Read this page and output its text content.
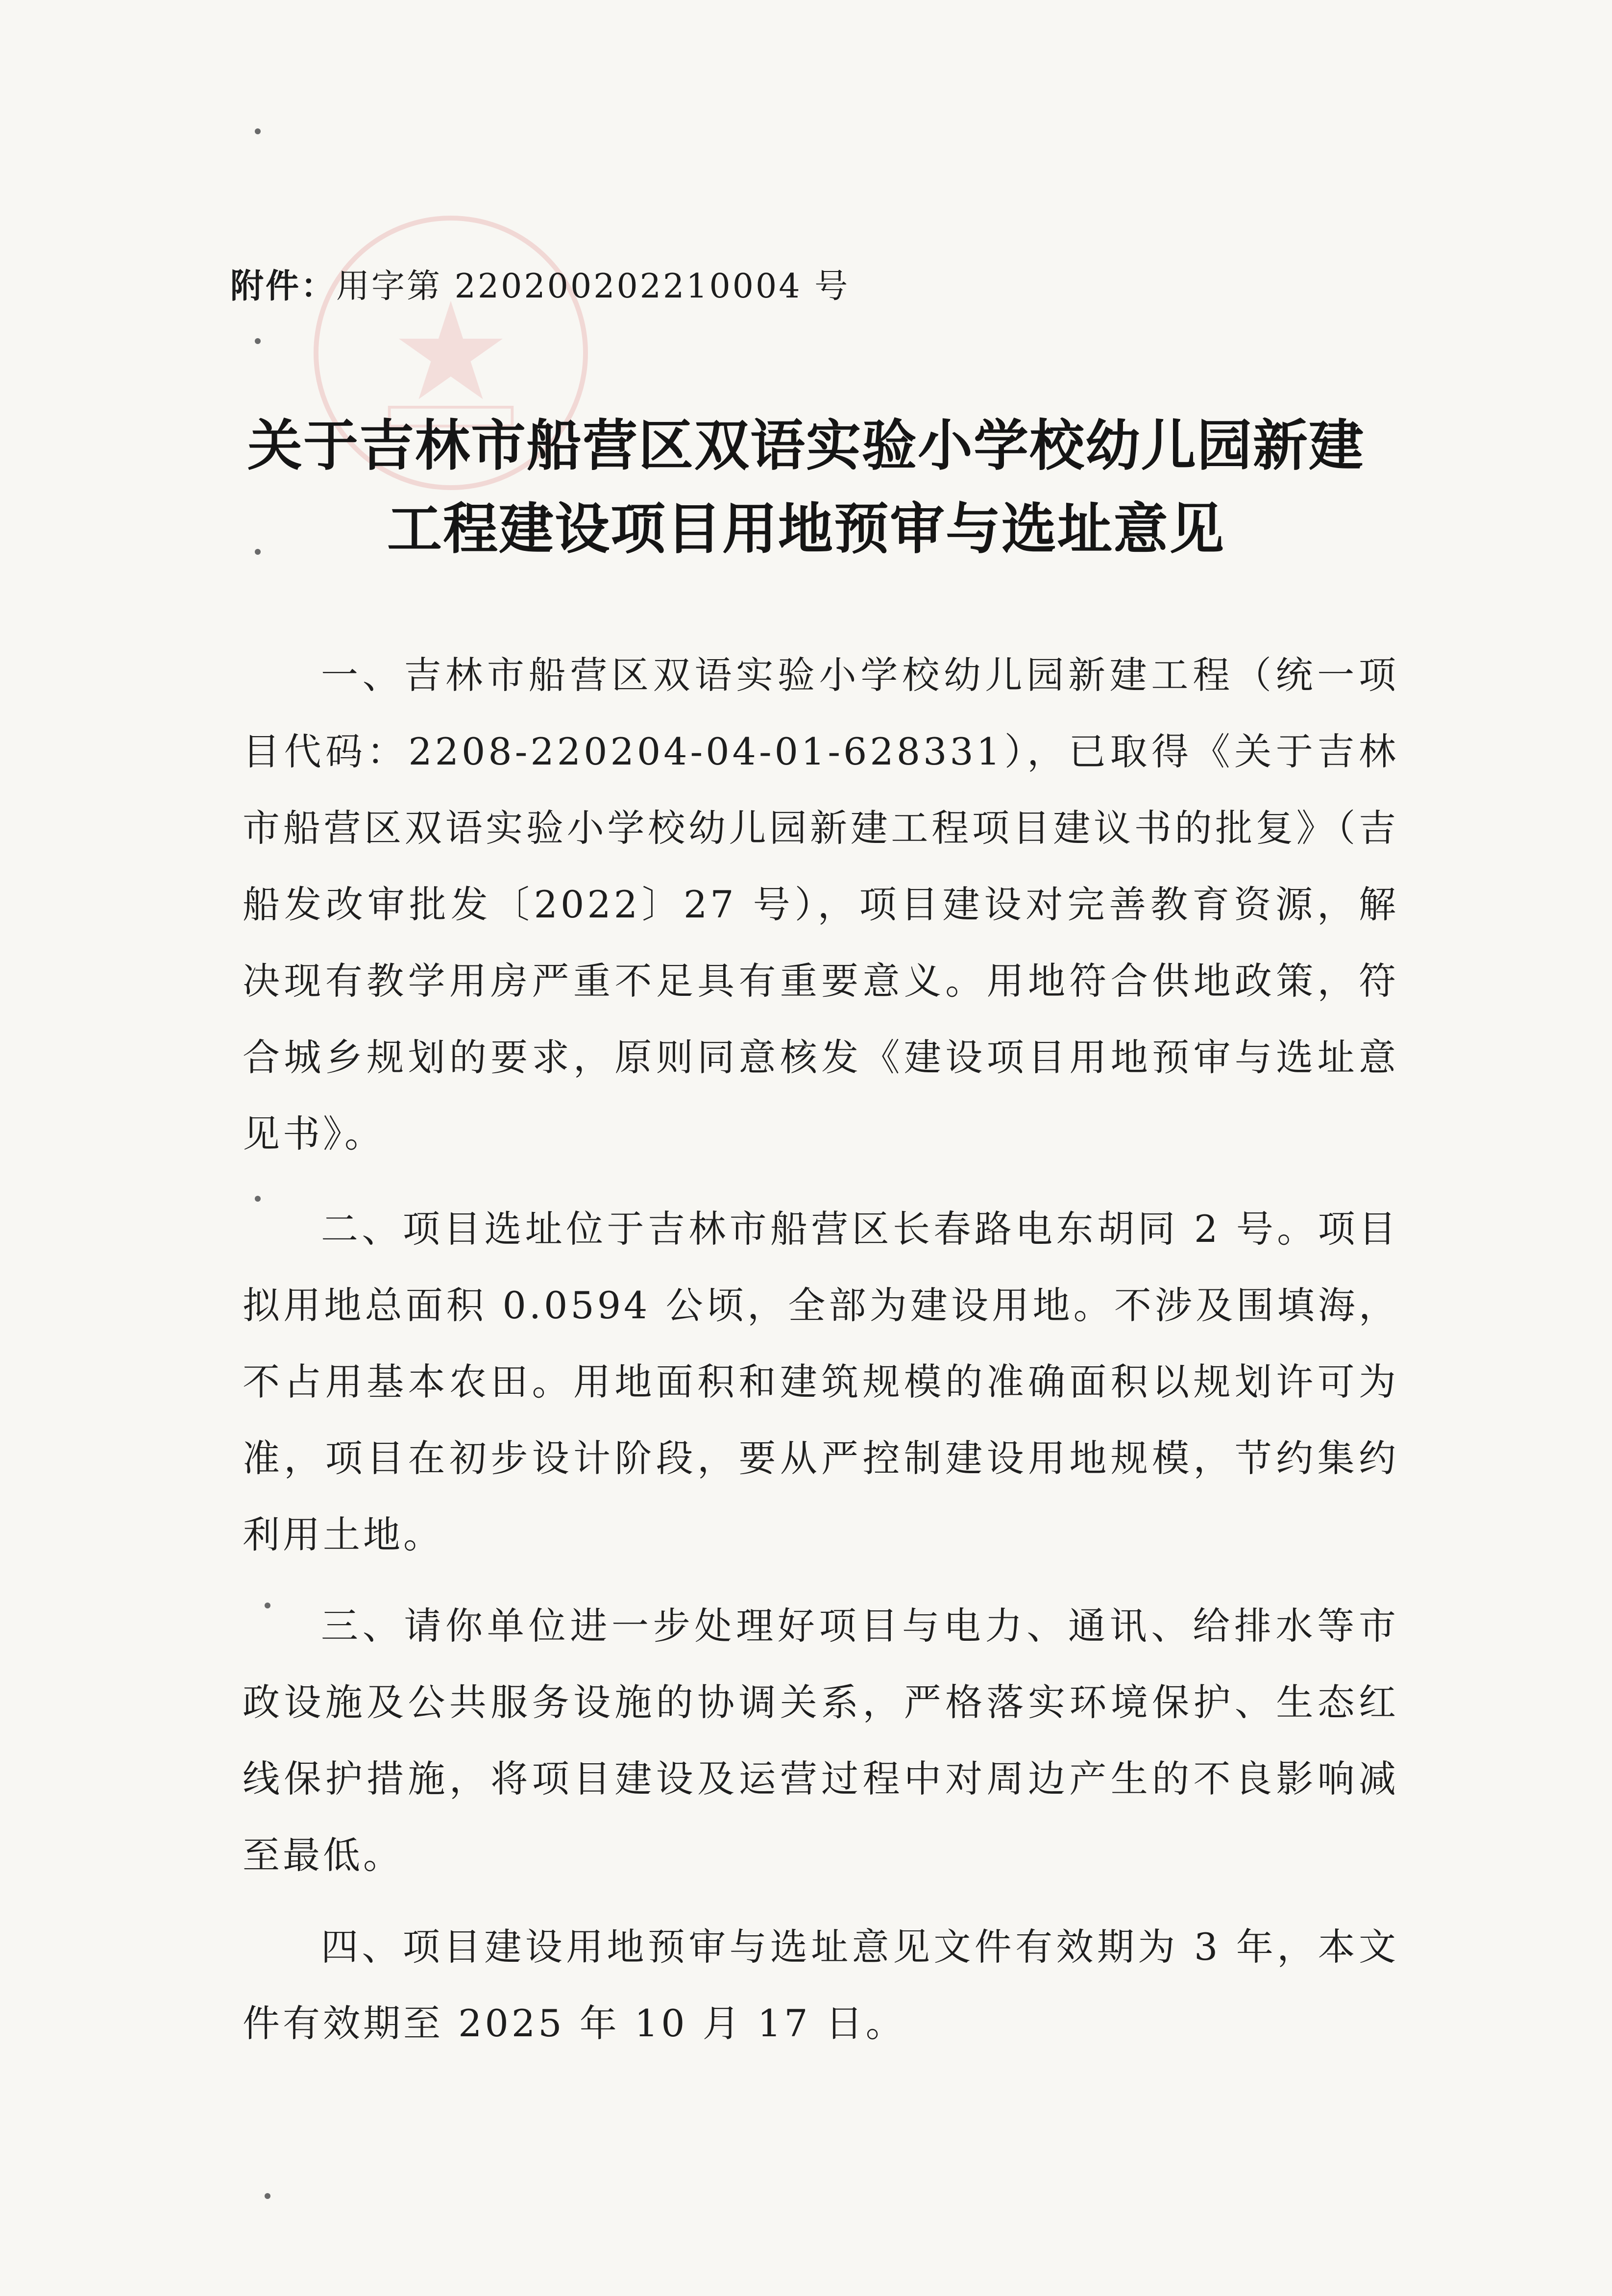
附件：用字第 220200202210004 号
关于吉林市船营区双语实验小学校幼儿园新建
工程建设项目用地预审与选址意见
一、吉林市船营区双语实验小学校幼儿园新建工程（统一项目代码：2208-220204-04-01-628331），已取得《关于吉林市船营区双语实验小学校幼儿园新建工程项目建议书的批复》（吉船发改审批发〔2022〕27 号），项目建设对完善教育资源，解决现有教学用房严重不足具有重要意义。用地符合供地政策，符合城乡规划的要求，原则同意核发《建设项目用地预审与选址意见书》。
二、项目选址位于吉林市船营区长春路电东胡同 2 号。项目拟用地总面积 0.0594 公顷，全部为建设用地。不涉及围填海，不占用基本农田。用地面积和建筑规模的准确面积以规划许可为准，项目在初步设计阶段，要从严控制建设用地规模，节约集约利用土地。
三、请你单位进一步处理好项目与电力、通讯、给排水等市政设施及公共服务设施的协调关系，严格落实环境保护、生态红线保护措施，将项目建设及运营过程中对周边产生的不良影响减至最低。
四、项目建设用地预审与选址意见文件有效期为 3 年，本文件有效期至 2025 年 10 月 17 日。
